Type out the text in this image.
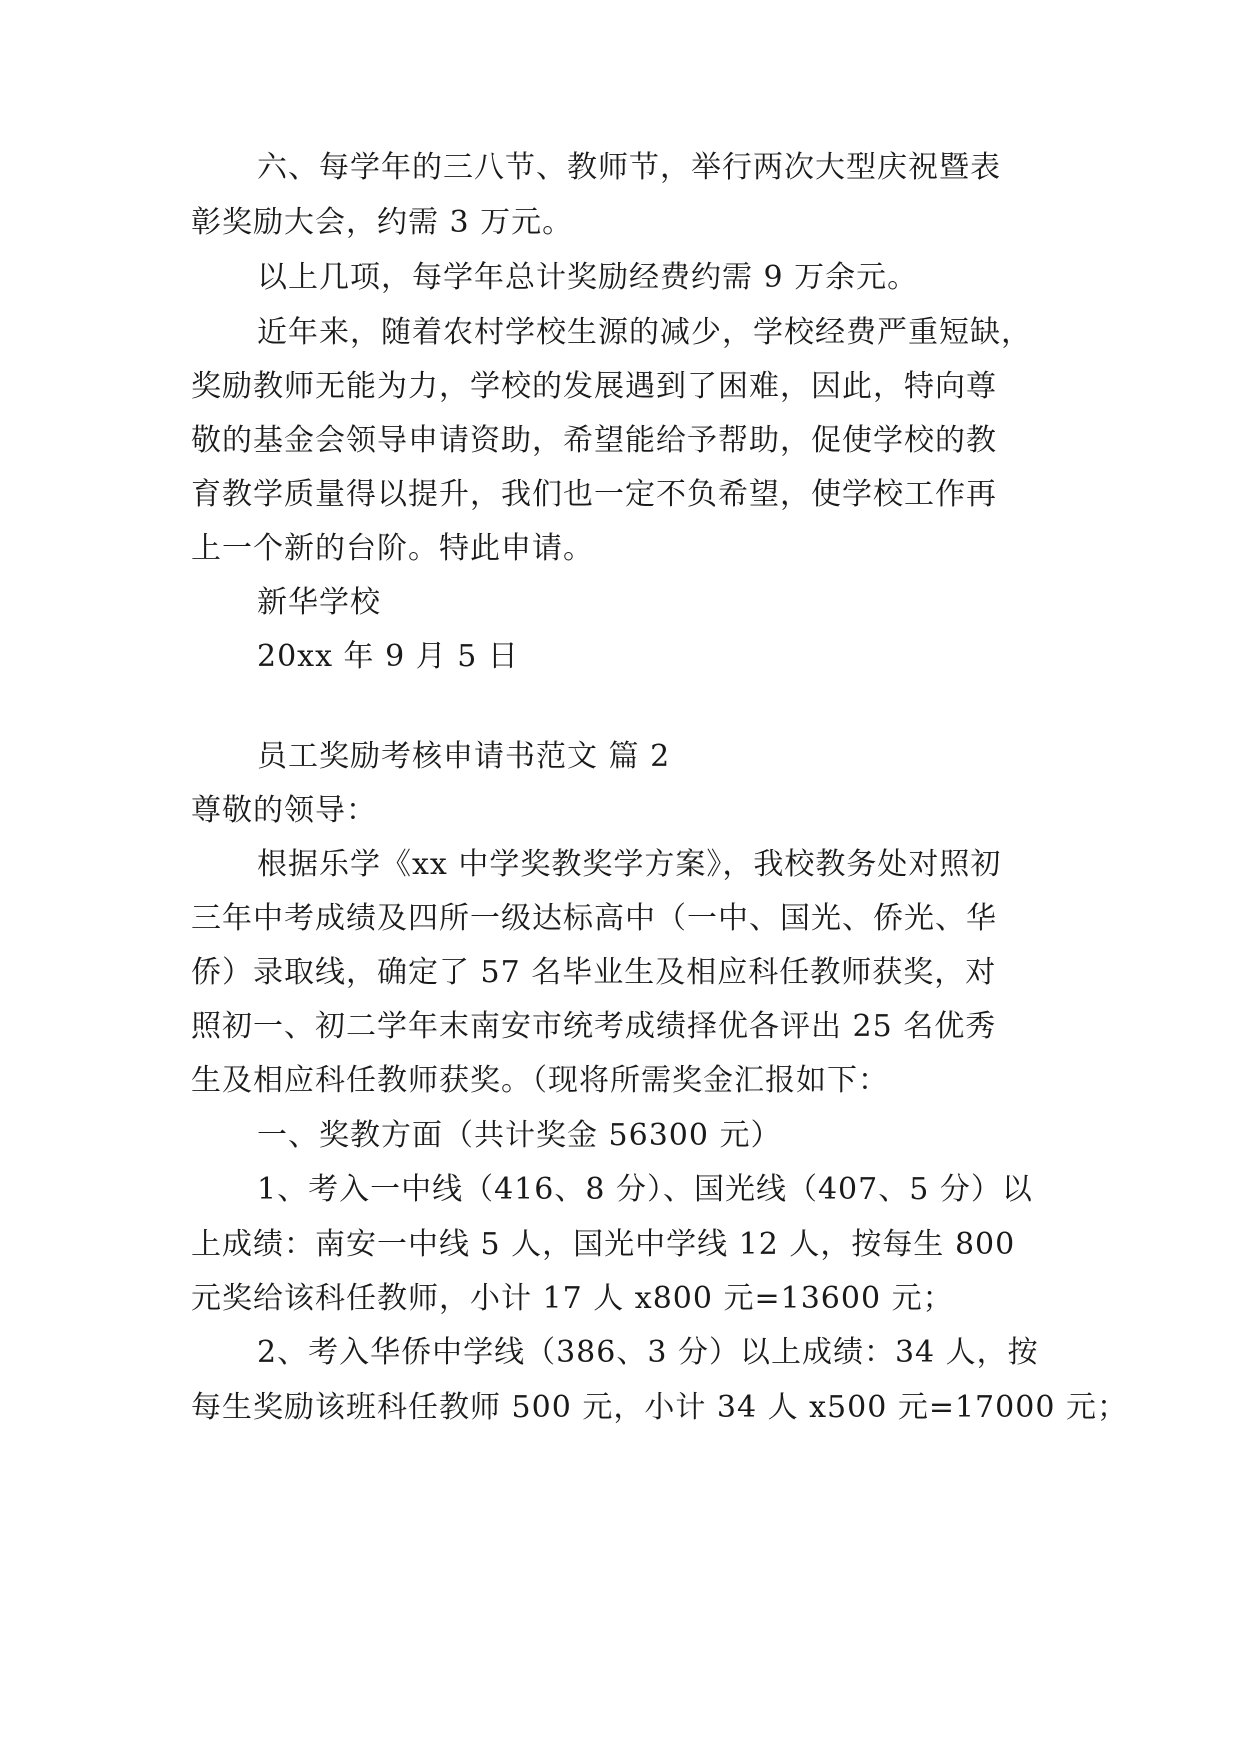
六、每学年的三八节、教师节，举行两次大型庆祝暨表
彰奖励大会，约需 3 万元。
以上几项，每学年总计奖励经费约需 9 万余元。
近年来，随着农村学校生源的减少，学校经费严重短缺，
奖励教师无能为力，学校的发展遇到了困难，因此，特向尊
敬的基金会领导申请资助，希望能给予帮助，促使学校的教
育教学质量得以提升，我们也一定不负希望，使学校工作再
上一个新的台阶。特此申请。
新华学校
20xx 年 9 月 5 日
员工奖励考核申请书范文 篇 2
尊敬的领导：
根据乐学《xx 中学奖教奖学方案》，我校教务处对照初
三年中考成绩及四所一级达标高中（一中、国光、侨光、华
侨）录取线，确定了 57 名毕业生及相应科任教师获奖，对
照初一、初二学年末南安市统考成绩择优各评出 25 名优秀
生及相应科任教师获奖。（现将所需奖金汇报如下：
一、奖教方面（共计奖金 56300 元）
1、考入一中线（416、8 分）、国光线（407、5 分）以
上成绩：南安一中线 5 人，国光中学线 12 人，按每生 800
元奖给该科任教师，小计 17 人 x800 元=13600 元；
2、考入华侨中学线（386、3 分）以上成绩：34 人，按
每生奖励该班科任教师 500 元，小计 34 人 x500 元=17000 元；
